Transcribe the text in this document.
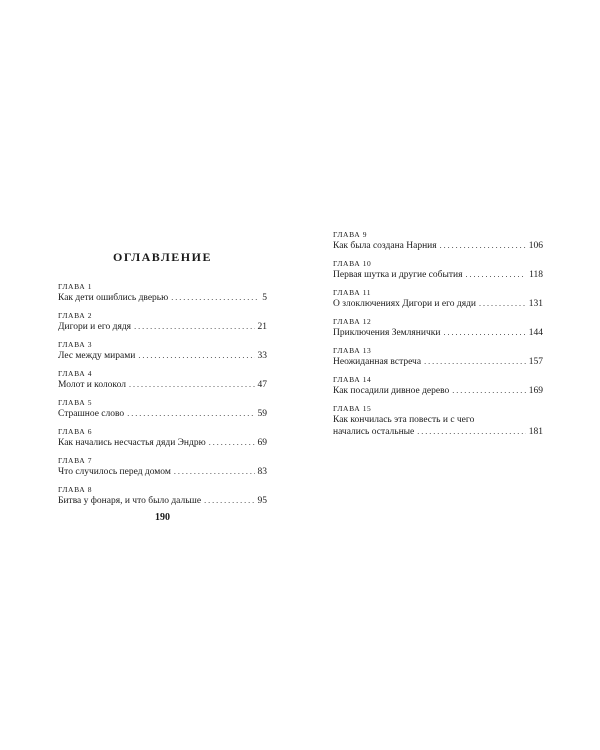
ОГЛАВЛЕНИЕ
ГЛАВА 1
Как дети ошиблись дверью . . .	5
ГЛАВА 2
Дигори и его дядя . . .	21
ГЛАВА 3
Лес между мирами . . .	33
ГЛАВА 4
Молот и колокол . . .	47
ГЛАВА 5
Страшное слово . . .	59
ГЛАВА 6
Как начались несчастья дяди Эндрю . . .	69
ГЛАВА 7
Что случилось перед домом . . .	83
ГЛАВА 8
Битва у фонаря, и что было дальше . . .	95
190
ГЛАВА 9
Как была создана Нарния . . .	106
ГЛАВА 10
Первая шутка и другие события . . .	118
ГЛАВА 11
О злоключениях Дигори и его дяди . . .	131
ГЛАВА 12
Приключения Землянички . . .	144
ГЛАВА 13
Неожиданная встреча . . .	157
ГЛАВА 14
Как посадили дивное дерево . . .	169
ГЛАВА 15
Как кончилась эта повесть и с чего
начались остальные . . .	181
